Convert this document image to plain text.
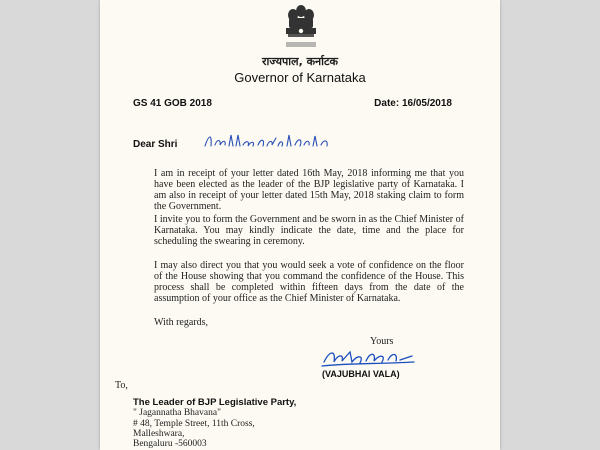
राज्यपाल, कर्नाटक
Governor of Karnataka
GS 41 GOB 2018	Date: 16/05/2018
Dear Shri

I am in receipt of your letter dated 16th May, 2018 informing me that you have been elected as the leader of the BJP legislative party of Karnataka. I am also in receipt of your letter dated 15th May, 2018 staking claim to form the Government.

I invite you to form the Government and be sworn in as the Chief Minister of Karnataka. You may kindly indicate the date, time and the place for scheduling the swearing in ceremony.

I may also direct you that you would seek a vote of confidence on the floor of the House showing that you command the confidence of the House. This process shall be completed within fifteen days from the date of the assumption of your office as the Chief Minister of Karnataka.

With regards,
Yours
(VAJUBHAI VALA)
To,
The Leader of BJP Legislative Party,
" Jagannatha Bhavana"
# 48, Temple Street, 11th Cross,
Malleshwara,
Bengaluru -560003
